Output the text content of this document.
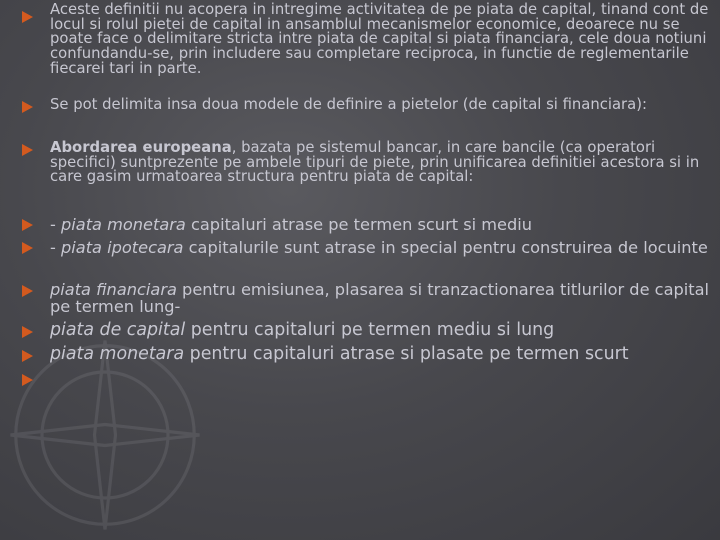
Aceste definitii nu acopera in intregime activitatea de pe piata de capital, tinand cont de locul si rolul pietei de capital in ansamblul mecanismelor economice, deoarece nu se poate face o delimitare stricta intre piata de capital si piata financiara, cele doua notiuni confundandu-se, prin includere sau completare reciproca, in functie de reglementarile fiecarei tari in parte.

Se pot delimita insa doua modele de definire a pietelor (de capital si financiara):

Abordarea europeana, bazata pe sistemul bancar, in care bancile (ca operatori specifici) suntprezente pe ambele tipuri de piete, prin unificarea definitiei acestora si in care gasim urmatoarea structura pentru piata de capital:

- piata monetara capitaluri atrase pe termen scurt si mediu

- piata ipotecara capitalurile sunt atrase in special pentru construirea de locuinte

piata financiara pentru emisiunea, plasarea si tranzactionarea titlurilor de capital pe termen lung-

piata de capital pentru capitaluri pe termen mediu si lung

piata monetara pentru capitaluri atrase si plasate pe termen scurt
